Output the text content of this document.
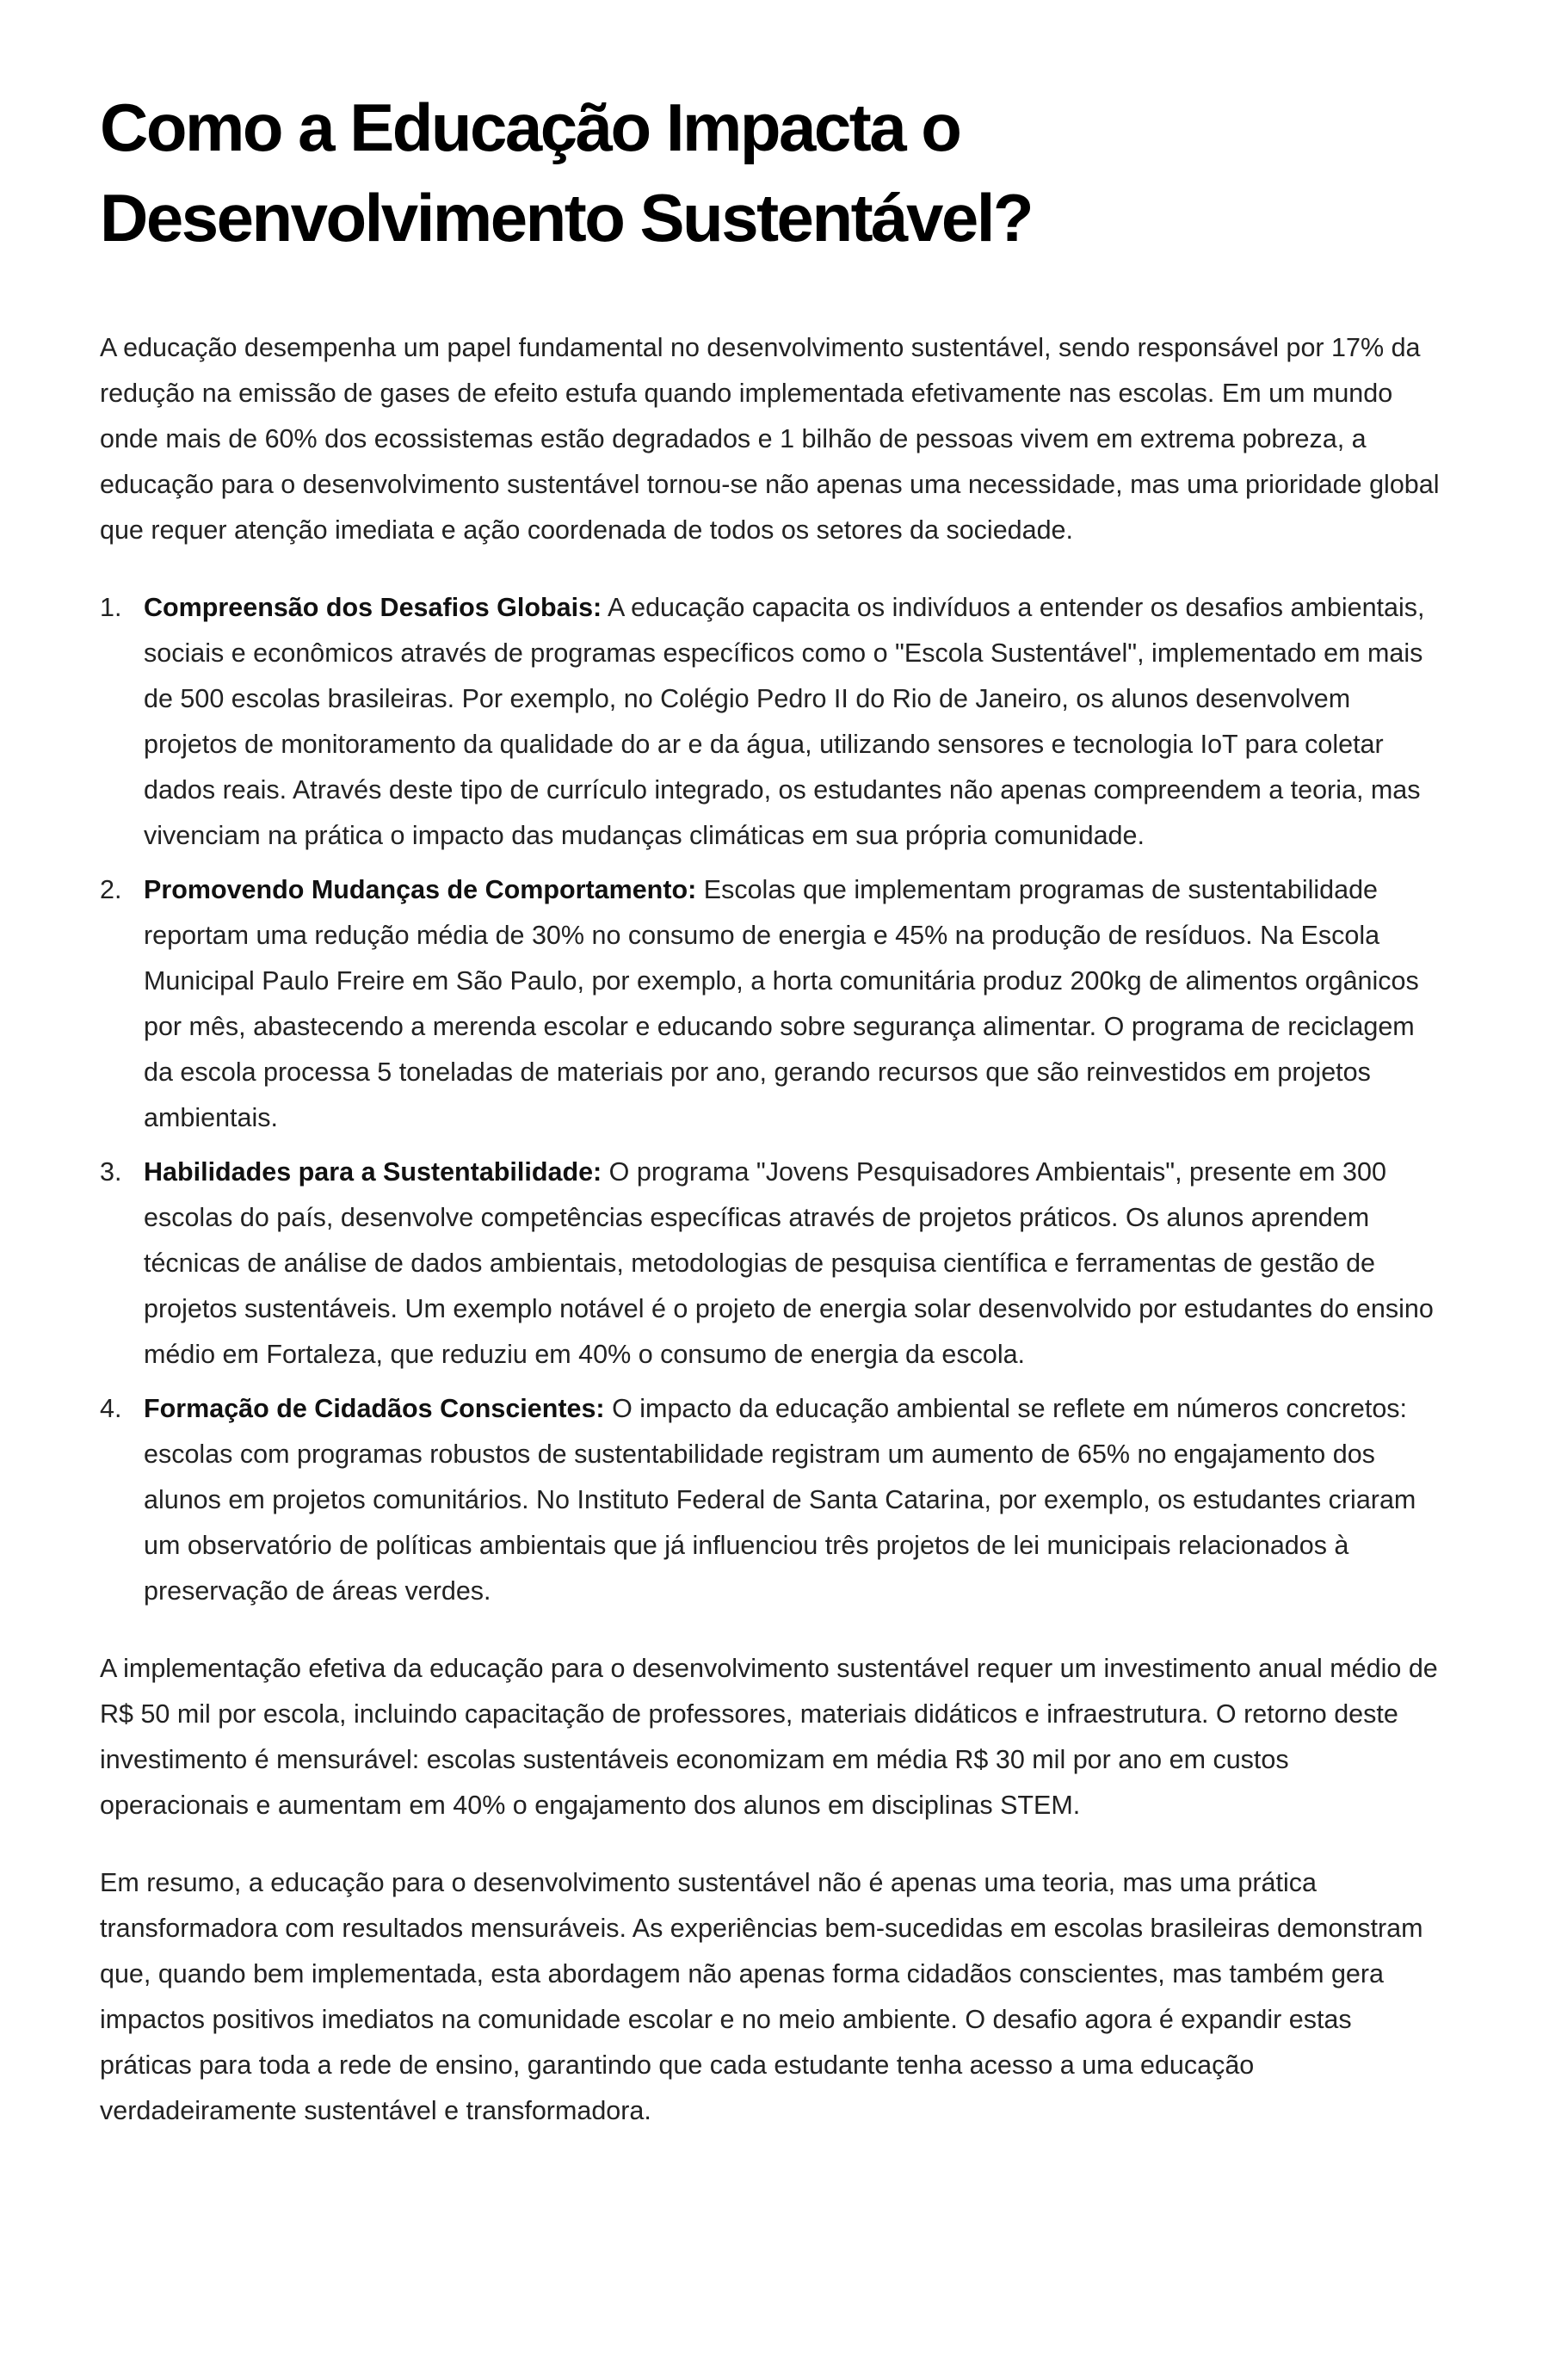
Como a Educação Impacta o Desenvolvimento Sustentável?

A educação desempenha um papel fundamental no desenvolvimento sustentável, sendo responsável por 17% da redução na emissão de gases de efeito estufa quando implementada efetivamente nas escolas. Em um mundo onde mais de 60% dos ecossistemas estão degradados e 1 bilhão de pessoas vivem em extrema pobreza, a educação para o desenvolvimento sustentável tornou-se não apenas uma necessidade, mas uma prioridade global que requer atenção imediata e ação coordenada de todos os setores da sociedade.

1. Compreensão dos Desafios Globais: A educação capacita os indivíduos a entender os desafios ambientais, sociais e econômicos através de programas específicos como o "Escola Sustentável", implementado em mais de 500 escolas brasileiras. Por exemplo, no Colégio Pedro II do Rio de Janeiro, os alunos desenvolvem projetos de monitoramento da qualidade do ar e da água, utilizando sensores e tecnologia IoT para coletar dados reais. Através deste tipo de currículo integrado, os estudantes não apenas compreendem a teoria, mas vivenciam na prática o impacto das mudanças climáticas em sua própria comunidade.
2. Promovendo Mudanças de Comportamento: Escolas que implementam programas de sustentabilidade reportam uma redução média de 30% no consumo de energia e 45% na produção de resíduos. Na Escola Municipal Paulo Freire em São Paulo, por exemplo, a horta comunitária produz 200kg de alimentos orgânicos por mês, abastecendo a merenda escolar e educando sobre segurança alimentar. O programa de reciclagem da escola processa 5 toneladas de materiais por ano, gerando recursos que são reinvestidos em projetos ambientais.
3. Habilidades para a Sustentabilidade: O programa "Jovens Pesquisadores Ambientais", presente em 300 escolas do país, desenvolve competências específicas através de projetos práticos. Os alunos aprendem técnicas de análise de dados ambientais, metodologias de pesquisa científica e ferramentas de gestão de projetos sustentáveis. Um exemplo notável é o projeto de energia solar desenvolvido por estudantes do ensino médio em Fortaleza, que reduziu em 40% o consumo de energia da escola.
4. Formação de Cidadãos Conscientes: O impacto da educação ambiental se reflete em números concretos: escolas com programas robustos de sustentabilidade registram um aumento de 65% no engajamento dos alunos em projetos comunitários. No Instituto Federal de Santa Catarina, por exemplo, os estudantes criaram um observatório de políticas ambientais que já influenciou três projetos de lei municipais relacionados à preservação de áreas verdes.

A implementação efetiva da educação para o desenvolvimento sustentável requer um investimento anual médio de R$ 50 mil por escola, incluindo capacitação de professores, materiais didáticos e infraestrutura. O retorno deste investimento é mensurável: escolas sustentáveis economizam em média R$ 30 mil por ano em custos operacionais e aumentam em 40% o engajamento dos alunos em disciplinas STEM.

Em resumo, a educação para o desenvolvimento sustentável não é apenas uma teoria, mas uma prática transformadora com resultados mensuráveis. As experiências bem-sucedidas em escolas brasileiras demonstram que, quando bem implementada, esta abordagem não apenas forma cidadãos conscientes, mas também gera impactos positivos imediatos na comunidade escolar e no meio ambiente. O desafio agora é expandir estas práticas para toda a rede de ensino, garantindo que cada estudante tenha acesso a uma educação verdadeiramente sustentável e transformadora.
